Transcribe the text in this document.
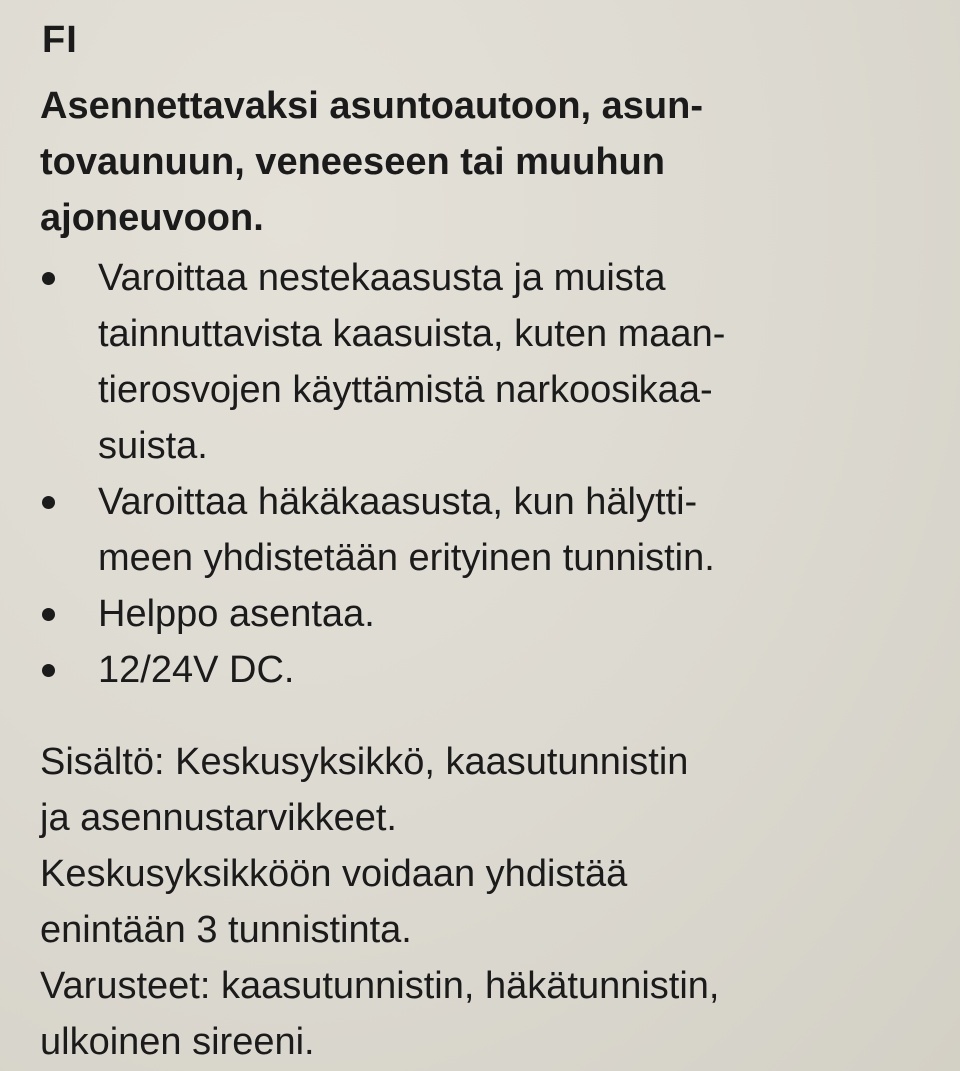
FI
Asennettavaksi asuntoautoon, asun-
tovaunuun, veneeseen tai muuhun
ajoneuvoon.
Varoittaa nestekaasusta ja muista
tainnuttavista kaasuista, kuten maan-
tierosvojen käyttämistä narkoosikaa-
suista.
Varoittaa häkäkaasusta, kun hälytti-
meen yhdistetään erityinen tunnistin.
Helppo asentaa.
12/24V DC.
Sisältö: Keskusyksikkö, kaasutunnistin
ja asennustarvikkeet.
Keskusyksikköön voidaan yhdistää
enintään 3 tunnistinta.
Varusteet: kaasutunnistin, häkätunnistin,
ulkoinen sireeni.
